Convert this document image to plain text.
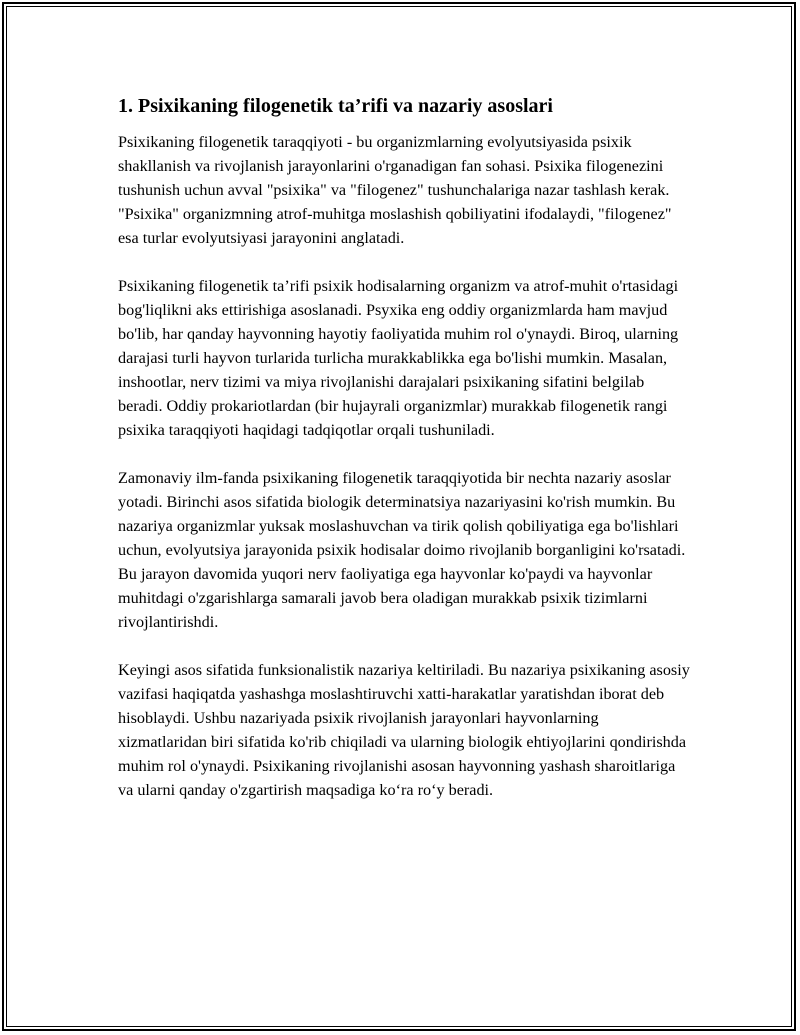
1. Psixikaning filogenetik ta’rifi va nazariy asoslari

Psixikaning filogenetik taraqqiyoti - bu organizmlarning evolyutsiyasida psixik shakllanish va rivojlanish jarayonlarini o'rganadigan fan sohasi. Psixika filogenezini tushunish uchun avval "psixika" va "filogenez" tushunchalariga nazar tashlash kerak. "Psixika" organizmning atrof-muhitga moslashish qobiliyatini ifodalaydi, "filogenez" esa turlar evolyutsiyasi jarayonini anglatadi.

Psixikaning filogenetik ta’rifi psixik hodisalarning organizm va atrof-muhit o'rtasidagi bog'liqlikni aks ettirishiga asoslanadi. Psyxika eng oddiy organizmlarda ham mavjud bo'lib, har qanday hayvonning hayotiy faoliyatida muhim rol o'ynaydi. Biroq, ularning darajasi turli hayvon turlarida turlicha murakkablikka ega bo'lishi mumkin. Masalan, inshootlar, nerv tizimi va miya rivojlanishi darajalari psixikaning sifatini belgilab beradi. Oddiy prokariotlardan (bir hujayrali organizmlar) murakkab filogenetik rangi psixika taraqqiyoti haqidagi tadqiqotlar orqali tushuniladi.

Zamonaviy ilm-fanda psixikaning filogenetik taraqqiyotida bir nechta nazariy asoslar yotadi. Birinchi asos sifatida biologik determinatsiya nazariyasini ko'rish mumkin. Bu nazariya organizmlar yuksak moslashuvchan va tirik qolish qobiliyatiga ega bo'lishlari uchun, evolyutsiya jarayonida psixik hodisalar doimo rivojlanib borganligini ko'rsatadi. Bu jarayon davomida yuqori nerv faoliyatiga ega hayvonlar ko'paydi va hayvonlar muhitdagi o'zgarishlarga samarali javob bera oladigan murakkab psixik tizimlarni rivojlantirishdi.

Keyingi asos sifatida funksionalistik nazariya keltiriladi. Bu nazariya psixikaning asosiy vazifasi haqiqatda yashashga moslashtiruvchi xatti-harakatlar yaratishdan iborat deb hisoblaydi. Ushbu nazariyada psixik rivojlanish jarayonlari hayvonlarning xizmatlaridan biri sifatida ko'rib chiqiladi va ularning biologik ehtiyojlarini qondirishda muhim rol o'ynaydi. Psixikaning rivojlanishi asosan hayvonning yashash sharoitlariga va ularni qanday o'zgartirish maqsadiga ko‘ra ro‘y beradi.
